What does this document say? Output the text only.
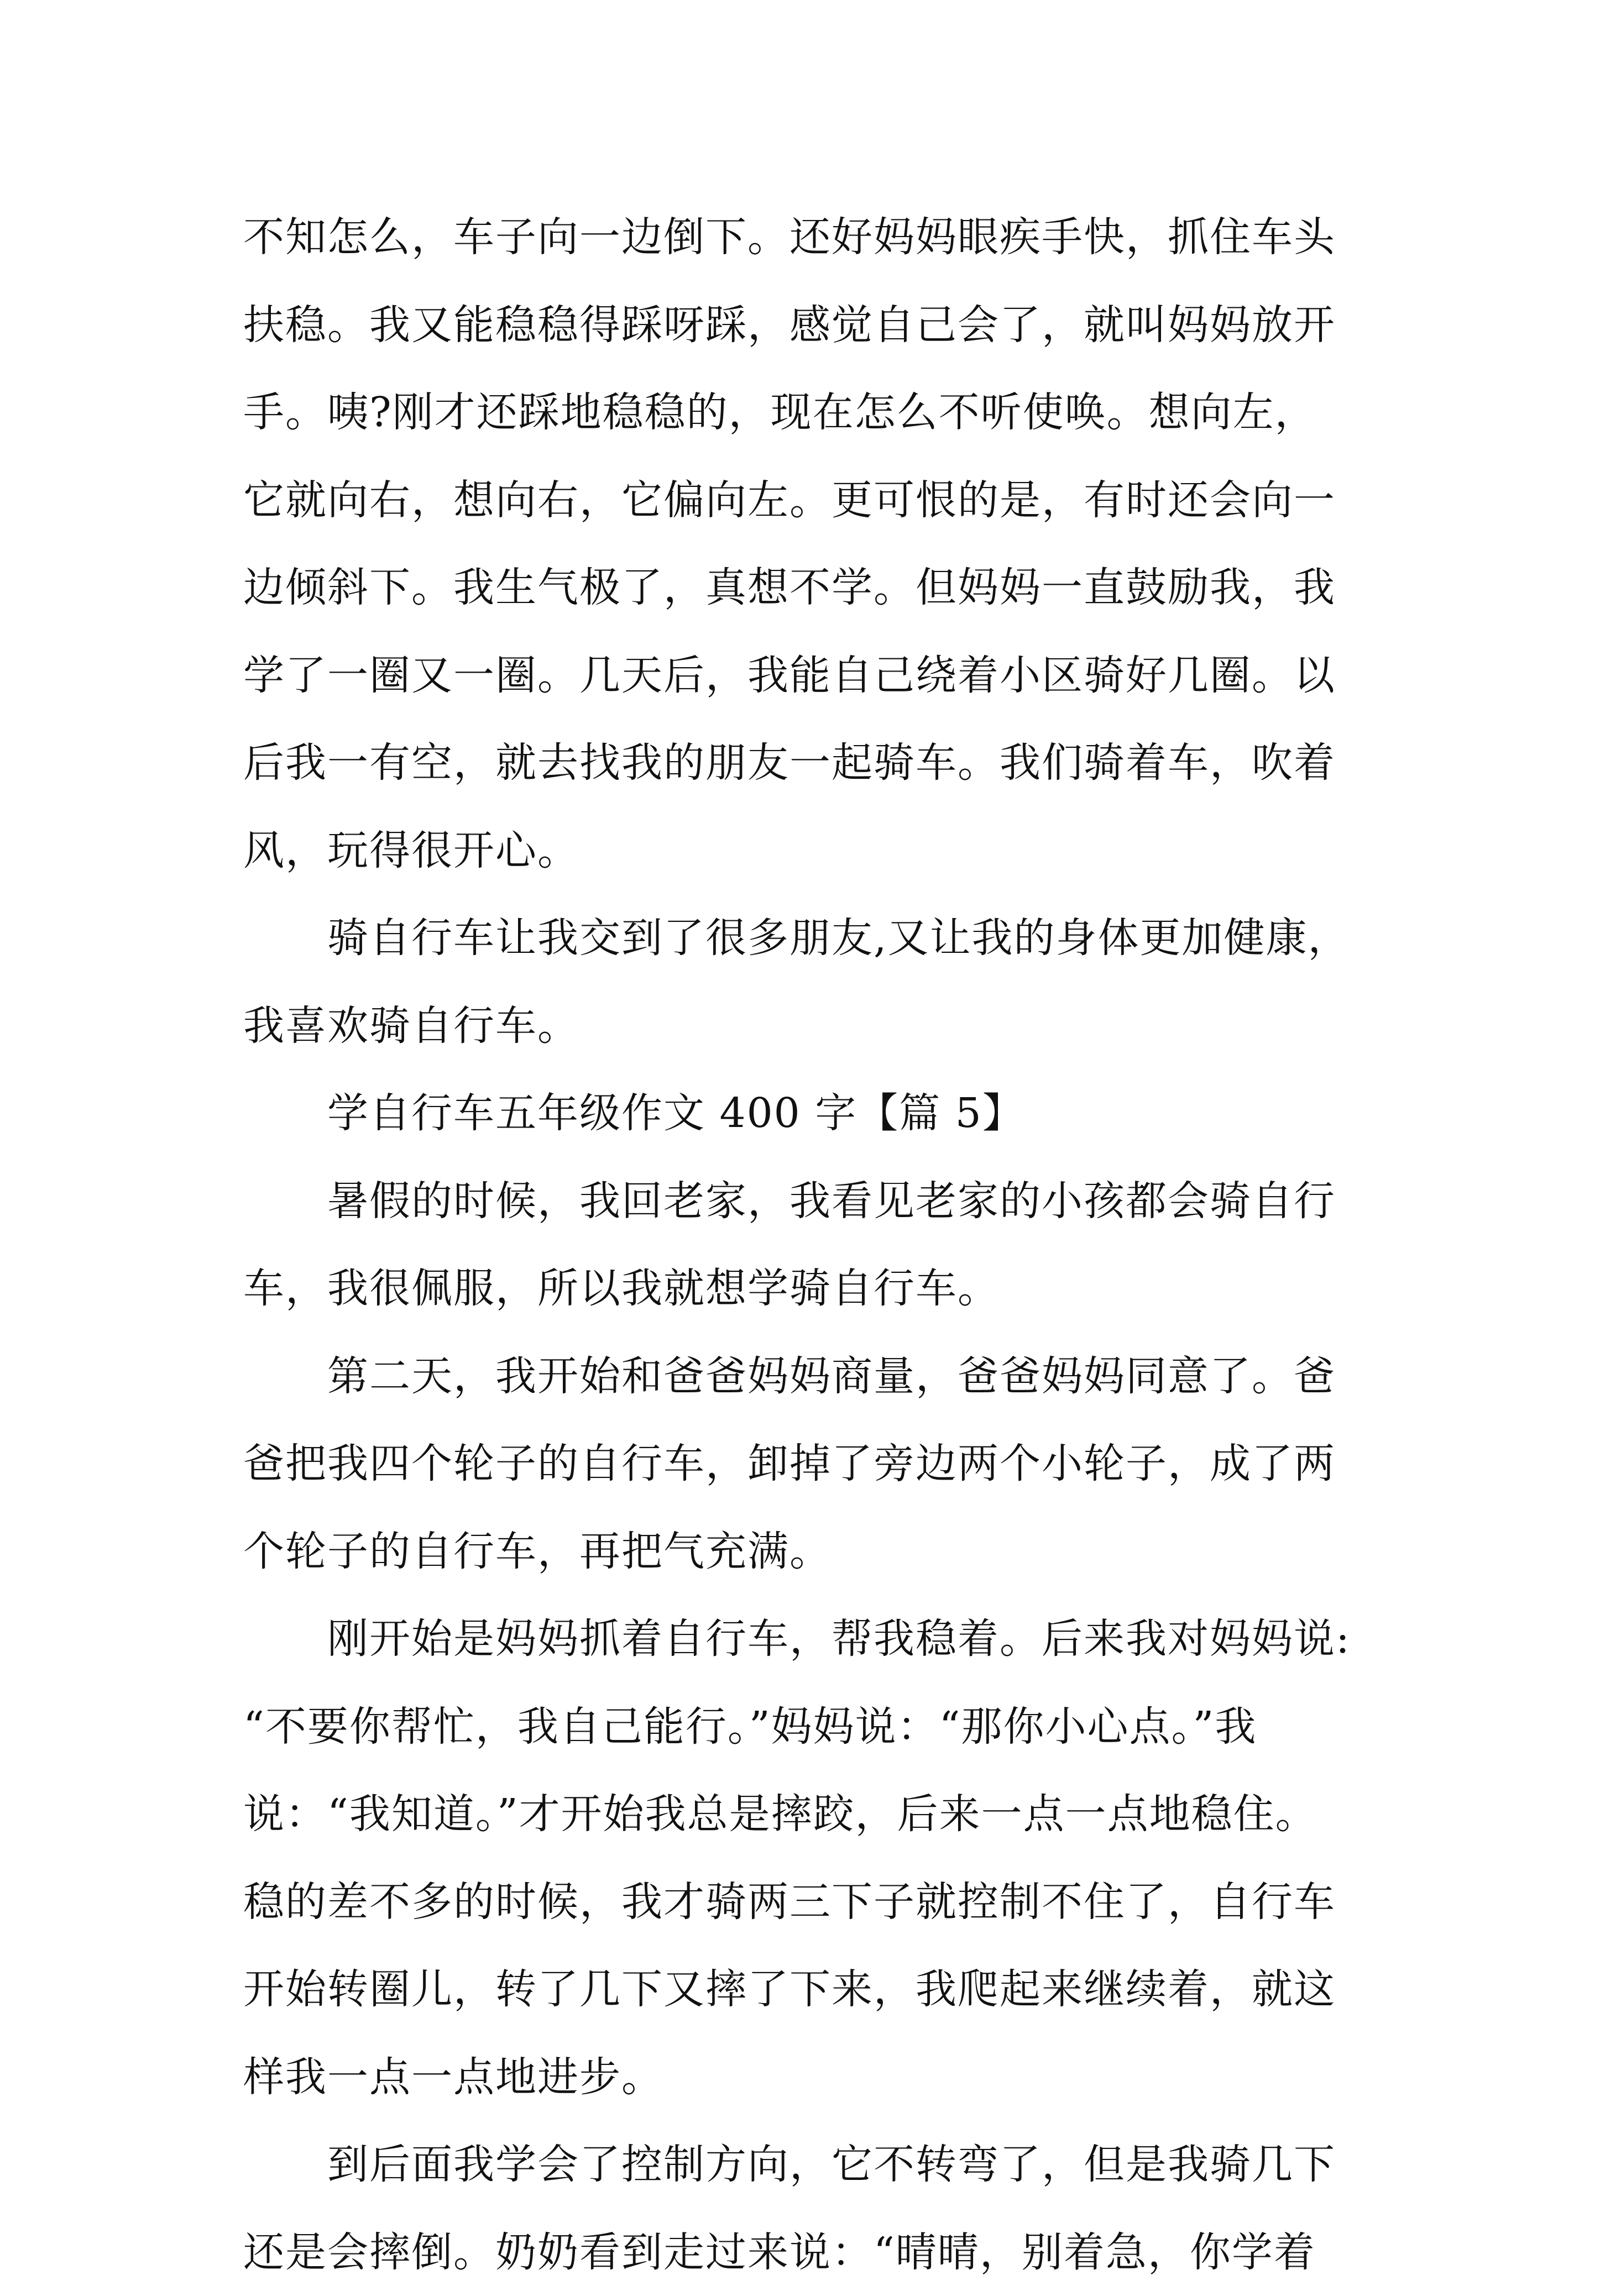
不知怎么，车子向一边倒下。还好妈妈眼疾手快，抓住车头
扶稳。我又能稳稳得踩呀踩，感觉自己会了，就叫妈妈放开
手。咦?刚才还踩地稳稳的，现在怎么不听使唤。想向左，
它就向右，想向右，它偏向左。更可恨的是，有时还会向一
边倾斜下。我生气极了，真想不学。但妈妈一直鼓励我，我
学了一圈又一圈。几天后，我能自己绕着小区骑好几圈。以
后我一有空，就去找我的朋友一起骑车。我们骑着车，吹着
风，玩得很开心。
骑自行车让我交到了很多朋友,又让我的身体更加健康，
我喜欢骑自行车。
学自行车五年级作文 400 字【篇 5】
暑假的时候，我回老家，我看见老家的小孩都会骑自行
车，我很佩服，所以我就想学骑自行车。
第二天，我开始和爸爸妈妈商量，爸爸妈妈同意了。爸
爸把我四个轮子的自行车，卸掉了旁边两个小轮子，成了两
个轮子的自行车，再把气充满。
刚开始是妈妈抓着自行车，帮我稳着。后来我对妈妈说:
“不要你帮忙，我自己能行。”妈妈说：“那你小心点。”我
说：“我知道。”才开始我总是摔跤，后来一点一点地稳住。
稳的差不多的时候，我才骑两三下子就控制不住了，自行车
开始转圈儿，转了几下又摔了下来，我爬起来继续着，就这
样我一点一点地进步。
到后面我学会了控制方向，它不转弯了，但是我骑几下
还是会摔倒。奶奶看到走过来说：“晴晴，别着急，你学着
